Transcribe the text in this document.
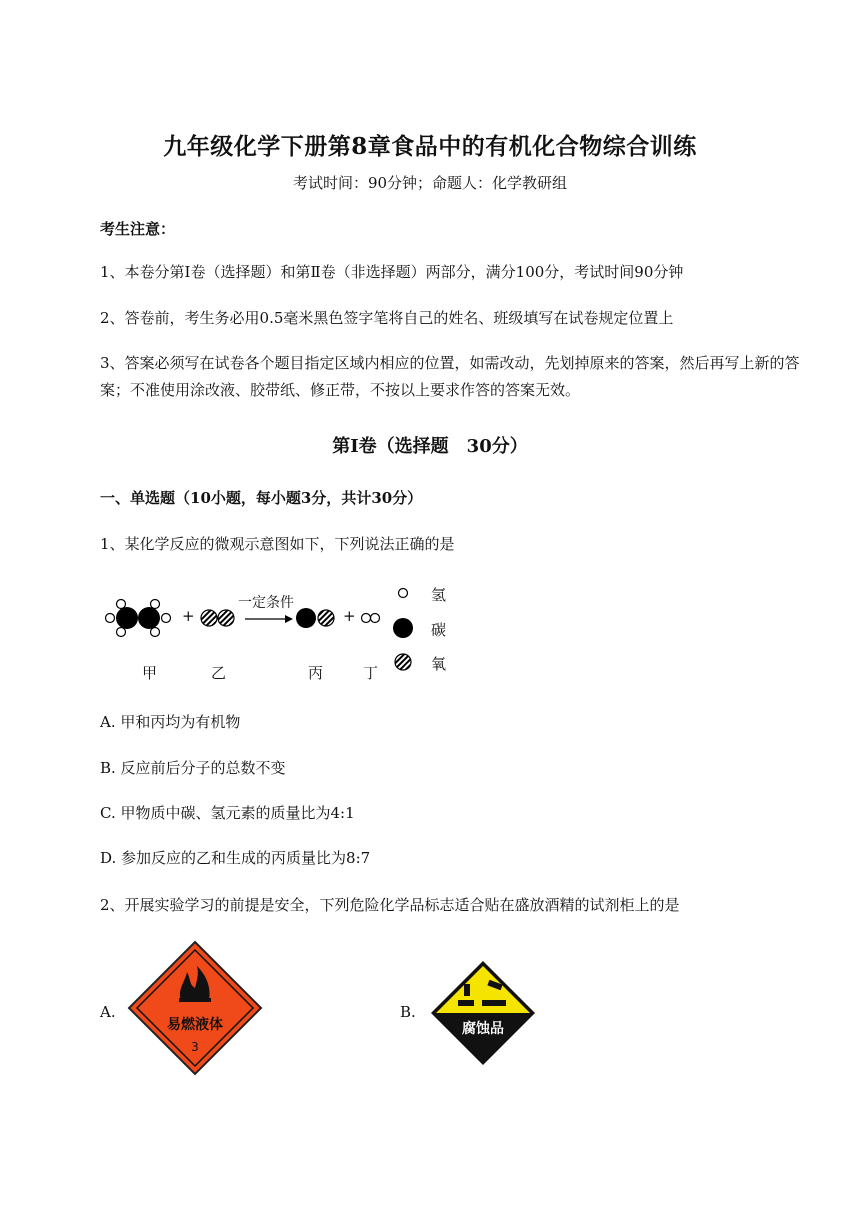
九年级化学下册第8章食品中的有机化合物综合训练
考试时间：90分钟；命题人：化学教研组
考生注意：
1、本卷分第Ⅰ卷（选择题）和第Ⅱ卷（非选择题）两部分，满分100分，考试时间90分钟
2、答卷前，考生务必用0.5毫米黑色签字笔将自己的姓名、班级填写在试卷规定位置上
3、答案必须写在试卷各个题目指定区域内相应的位置，如需改动，先划掉原来的答案，然后再写上新的答案；不准使用涂改液、胶带纸、修正带，不按以上要求作答的答案无效。
第Ⅰ卷（选择题　30分）
一、单选题（10小题，每小题3分，共计30分）
1、某化学反应的微观示意图如下，下列说法正确的是
+	+
一定条件
甲	乙	丙	丁
氢
碳
氧
A. 甲和丙均为有机物
B. 反应前后分子的总数不变
C. 甲物质中碳、氢元素的质量比为4:1
D. 参加反应的乙和生成的丙质量比为8:7
2、开展实验学习的前提是安全，下列危险化学品标志适合贴在盛放酒精的试剂柜上的是
A.	B.
易燃液体
3
腐蚀品
